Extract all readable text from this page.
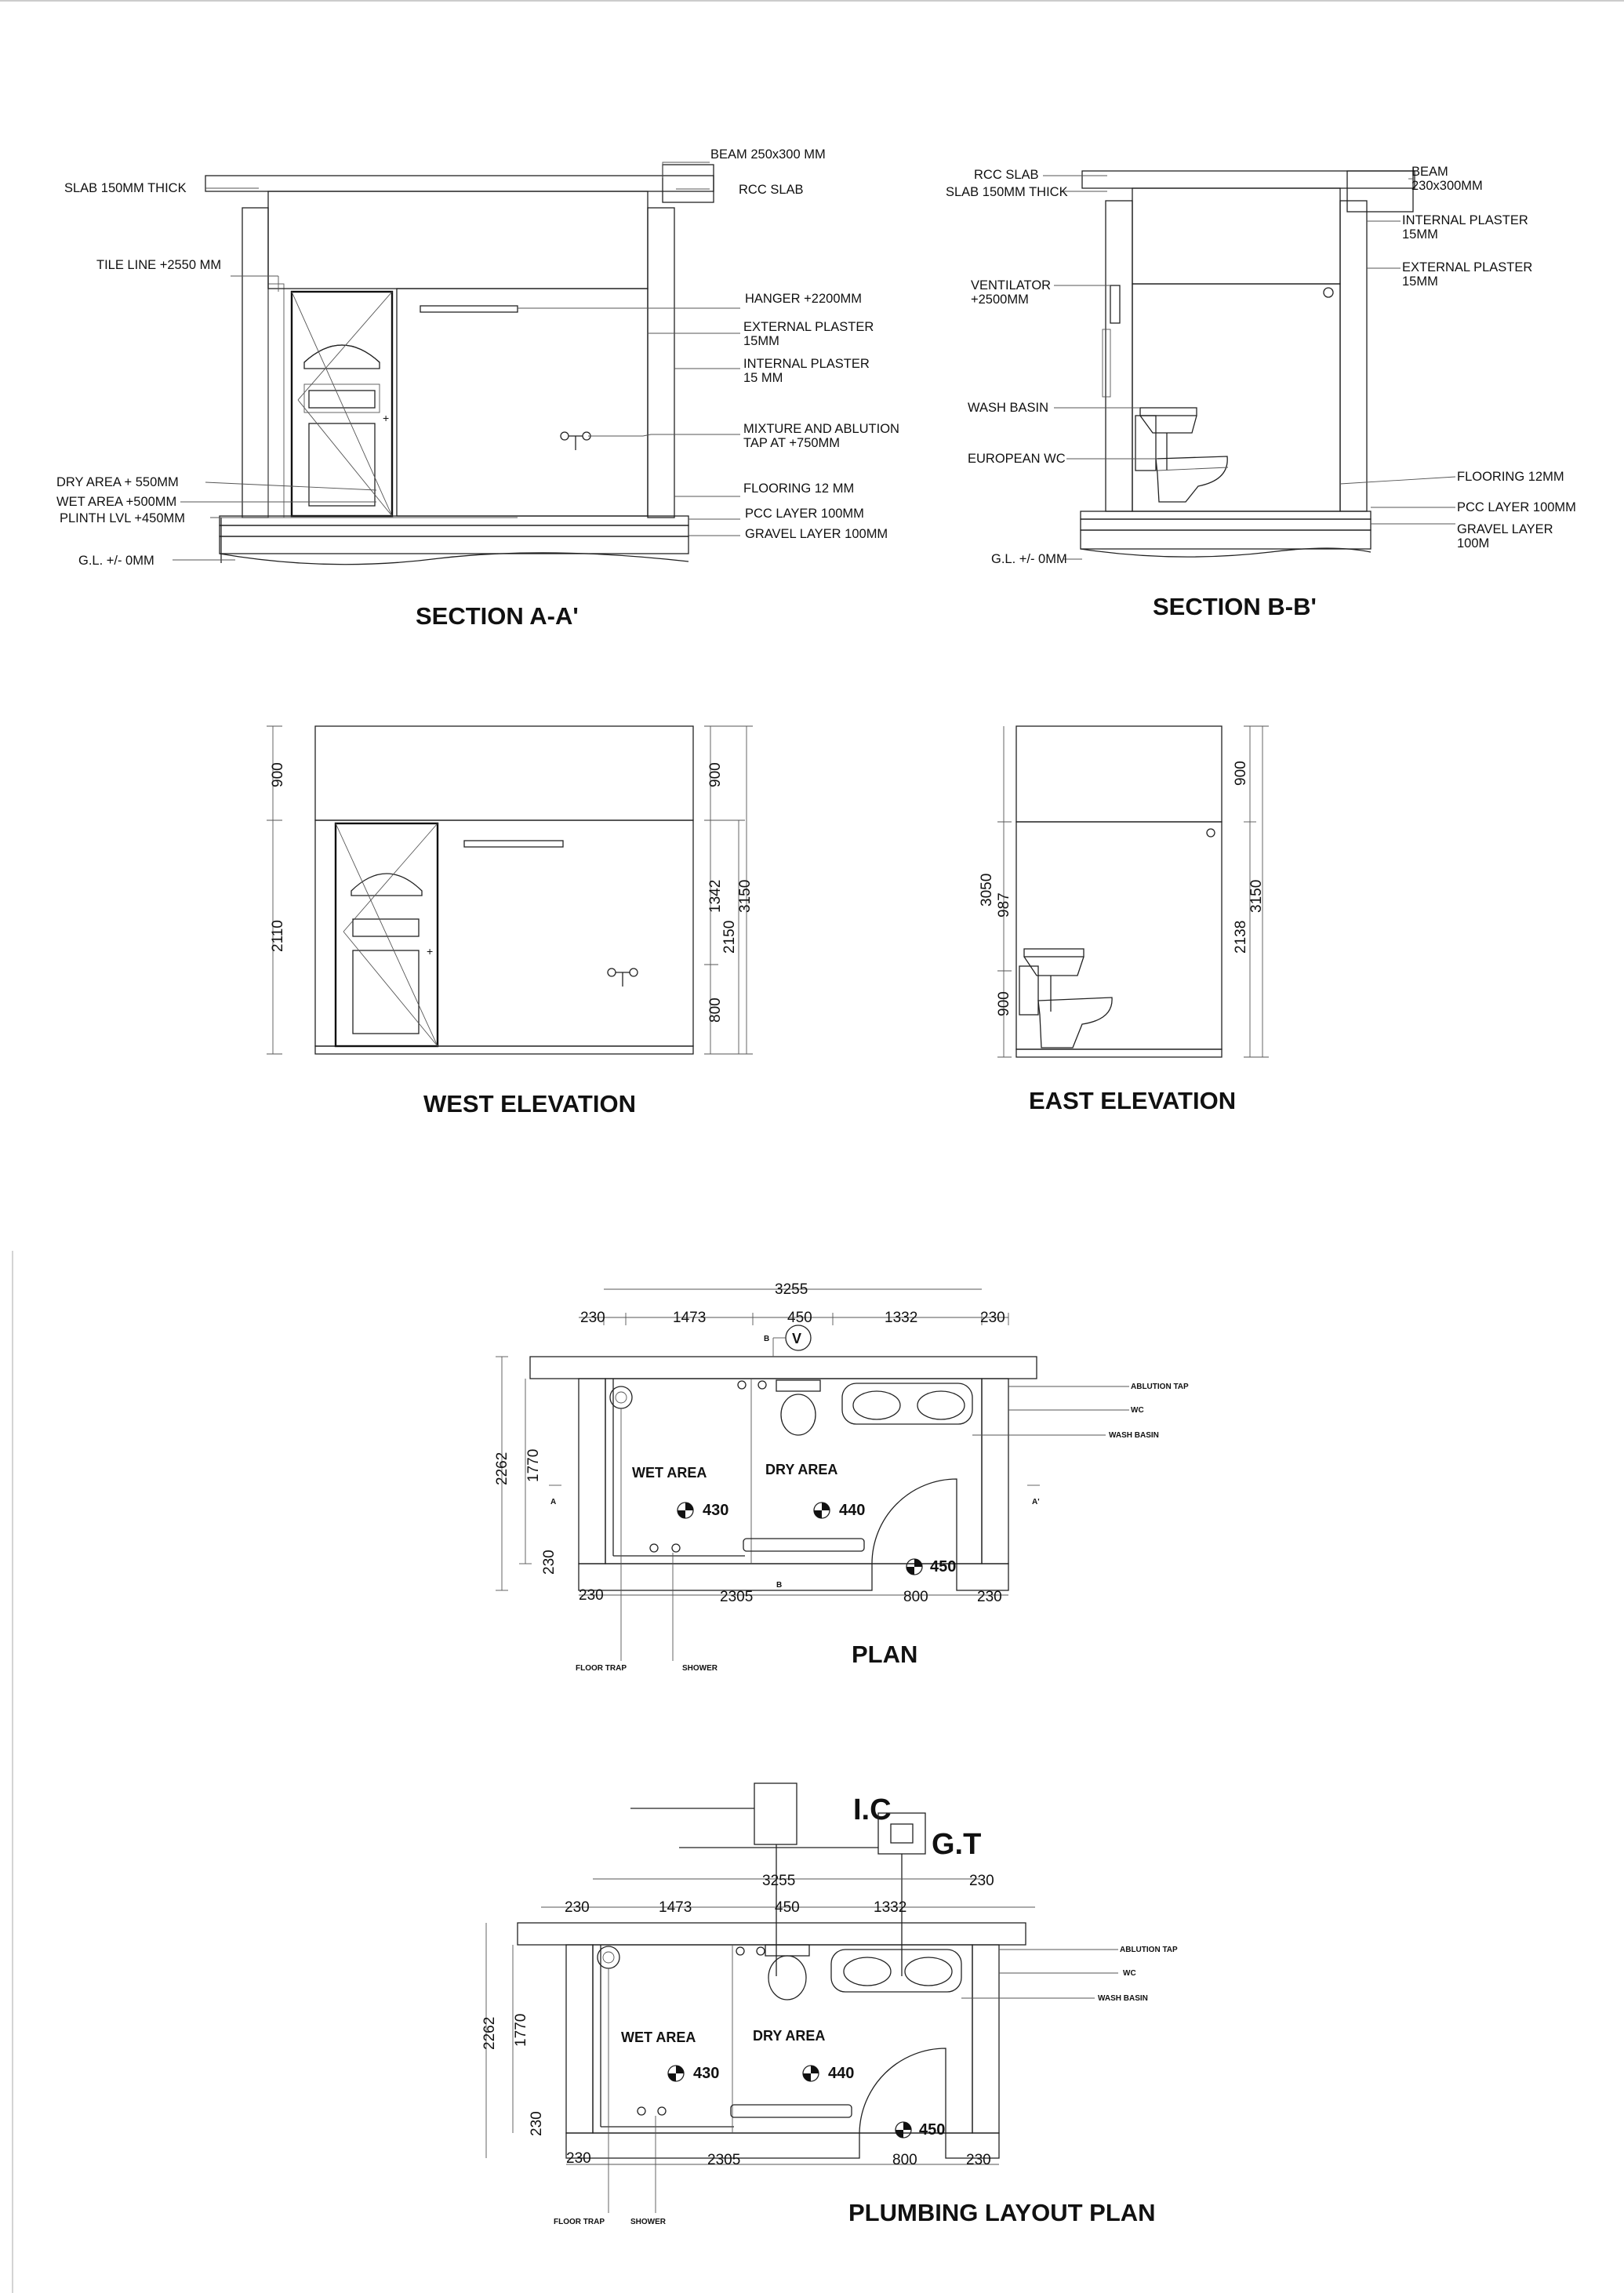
+
BEAM 250x300 MM
SLAB 150MM THICK	RCC SLAB
TILE LINE +2550 MM
HANGER +2200MM
EXTERNAL PLASTER
15MM
INTERNAL PLASTER
15 MM
MIXTURE AND ABLUTION
TAP AT +750MM
DRY AREA + 550MM
WET AREA +500MM
PLINTH LVL +450MM
FLOORING 12 MM
PCC LAYER 100MM
GRAVEL LAYER 100MM
G.L. +/- 0MM
SECTION A-A'
RCC SLAB
SLAB 150MM THICK
BEAM
230x300MM
INTERNAL PLASTER
15MM
EXTERNAL PLASTER
15MM
VENTILATOR
+2500MM
WASH BASIN
EUROPEAN WC
FLOORING 12MM
PCC LAYER 100MM
GRAVEL LAYER
100M
G.L. +/- 0MM
SECTION B-B'
+
900
2110
900
1342
800
2150
3150
WEST ELEVATION
3050 987
900
900
2138
3150
EAST ELEVATION
3255
230	1473	450	1332	230
WET AREA	DRY AREA
430	440
450
V
B
A	A'
B
ABLUTION TAP
WC
WASH BASIN
FLOOR TRAP	SHOWER
2262 1770
230
230	2305	800	230
PLAN
I.C
G.T
3255	230
230	1473	450	1332
WET AREA	DRY AREA
430	440
450
ABLUTION TAP
WC
WASH BASIN
FLOOR TRAP	SHOWER
2262 1770
230
230	2305	800	230
PLUMBING LAYOUT PLAN
